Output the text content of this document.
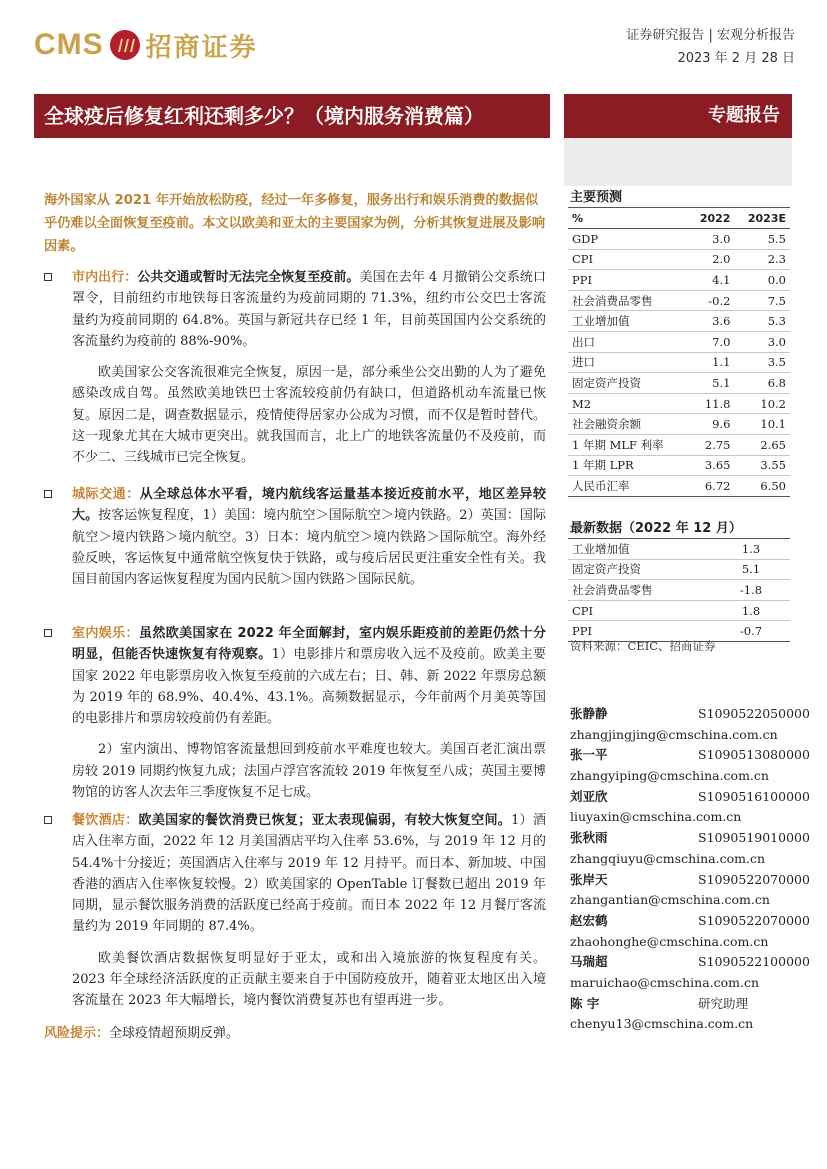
CMS 招商证券	证券研究报告 | 宏观分析报告
2023 年 2 月 28 日
全球疫后修复红利还剩多少？（境内服务消费篇）	专题报告
海外国家从 2021 年开始放松防疫，经过一年多修复，服务出行和娱乐消费的数据似乎仍难以全面恢复至疫前。本文以欧美和亚太的主要国家为例，分析其恢复进展及影响因素。
市内出行：公共交通或暂时无法完全恢复至疫前。美国在去年 4 月撤销公交系统口罩令，目前纽约市地铁每日客流量约为疫前同期的 71.3%，纽约市公交巴士客流量约为疫前同期的 64.8%。英国与新冠共存已经 1 年，目前英国国内公交系统的客流量约为疫前的 88%-90%。
欧美国家公交客流很难完全恢复，原因一是，部分乘坐公交出勤的人为了避免感染改成自驾。虽然欧美地铁巴士客流较疫前仍有缺口，但道路机动车流量已恢复。原因二是，调查数据显示，疫情使得居家办公成为习惯，而不仅是暂时替代。这一现象尤其在大城市更突出。就我国而言，北上广的地铁客流量仍不及疫前，而不少二、三线城市已完全恢复。
城际交通：从全球总体水平看，境内航线客运量基本接近疫前水平，地区差异较大。按客运恢复程度，1）美国：境内航空＞国际航空＞境内铁路。2）英国：国际航空＞境内铁路＞境内航空。3）日本：境内航空＞境内铁路＞国际航空。海外经验反映，客运恢复中通常航空恢复快于铁路，或与疫后居民更注重安全性有关。我国目前国内客运恢复程度为国内民航＞国内铁路＞国际民航。
室内娱乐：虽然欧美国家在 2022 年全面解封，室内娱乐距疫前的差距仍然十分明显，但能否快速恢复有待观察。1）电影排片和票房收入远不及疫前。欧美主要国家 2022 年电影票房收入恢复至疫前的六成左右；日、韩、新 2022 年票房总额为 2019 年的 68.9%、40.4%、43.1%。高频数据显示，今年前两个月美英等国的电影排片和票房较疫前仍有差距。
2）室内演出、博物馆客流量想回到疫前水平难度也较大。美国百老汇演出票房较 2019 同期约恢复九成；法国卢浮宫客流较 2019 年恢复至八成；英国主要博物馆的访客人次去年三季度恢复不足七成。
餐饮酒店：欧美国家的餐饮消费已恢复；亚太表现偏弱，有较大恢复空间。1）酒店入住率方面，2022 年 12 月美国酒店平均入住率 53.6%，与 2019 年 12 月的 54.4%十分接近；英国酒店入住率与 2019 年 12 月持平。而日本、新加坡、中国香港的酒店入住率恢复较慢。2）欧美国家的 OpenTable 订餐数已超出 2019 年同期，显示餐饮服务消费的活跃度已经高于疫前。而日本 2022 年 12 月餐厅客流量约为 2019 年同期的 87.4%。
欧美餐饮酒店数据恢复明显好于亚太，或和出入境旅游的恢复程度有关。2023 年全球经济活跃度的正贡献主要来自于中国防疫放开，随着亚太地区出入境客流量在 2023 年大幅增长，境内餐饮消费复苏也有望再进一步。
风险提示：全球疫情超预期反弹。
主要预测
%	2022	2023E
GDP	3.0	5.5
CPI	2.0	2.3
PPI	4.1	0.0
社会消费品零售	-0.2	7.5
工业增加值	3.6	5.3
出口	7.0	3.0
进口	1.1	3.5
固定资产投资	5.1	6.8
M2	11.8	10.2
社会融资余额	9.6	10.1
1 年期 MLF 利率	2.75	2.65
1 年期 LPR	3.65	3.55
人民币汇率	6.72	6.50
最新数据（2022 年 12 月）
工业增加值	1.3
固定资产投资	5.1
社会消费品零售	-1.8
CPI	1.8
PPI	-0.7
资料来源：CEIC、招商证券
张静静	S1090522050000
zhangjingjing@cmschina.com.cn
张一平	S1090513080000
zhangyiping@cmschina.com.cn
刘亚欣	S1090516100000
liuyaxin@cmschina.com.cn
张秋雨	S1090519010000
zhangqiuyu@cmschina.com.cn
张岸天	S1090522070000
zhangantian@cmschina.com.cn
赵宏鹤	S1090522070000
zhaohonghe@cmschina.com.cn
马瑞超	S1090522100000
maruichao@cmschina.com.cn
陈 宇	研究助理
chenyu13@cmschina.com.cn
